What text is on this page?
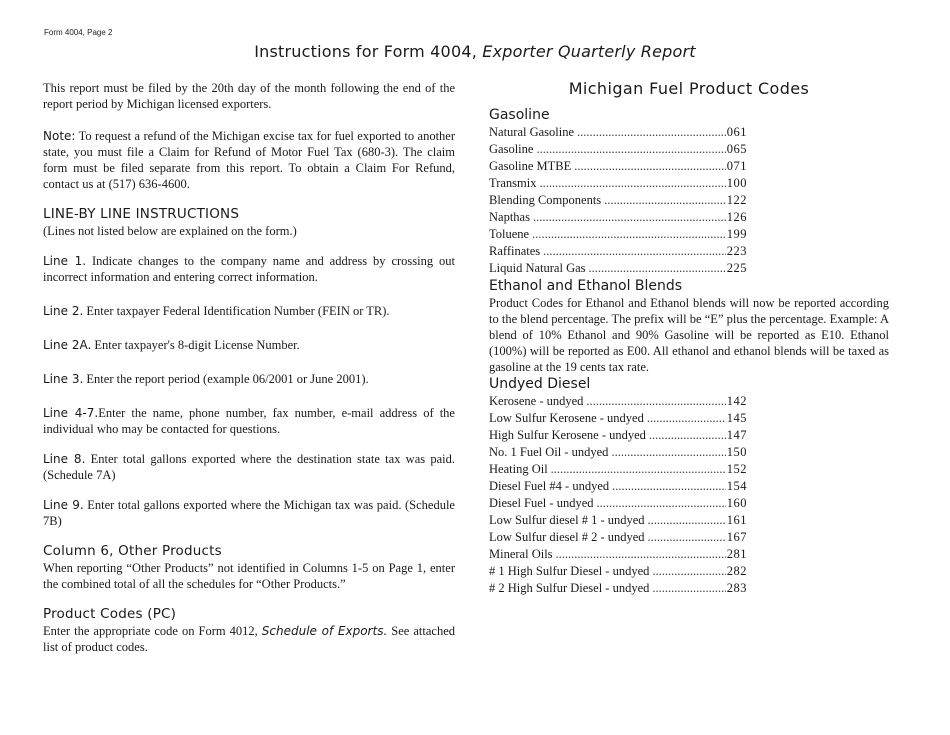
Form 4004, Page 2
Instructions for Form 4004, Exporter Quarterly Report

This report must be filed by the 20th day of the month following the end of the report period by Michigan licensed exporters.

Note: To request a refund of the Michigan excise tax for fuel exported to another state, you must file a Claim for Refund of Motor Fuel Tax (680-3). The claim form must be filed separate from this report. To obtain a Claim For Refund, contact us at (517) 636-4600.

LINE-BY LINE INSTRUCTIONS

(Lines not listed below are explained on the form.)

Line 1. Indicate changes to the company name and address by crossing out incorrect information and entering correct information.

Line 2. Enter taxpayer Federal Identification Number (FEIN or TR).

Line 2A. Enter taxpayer's 8-digit License Number.

Line 3. Enter the report period (example 06/2001 or June 2001).

Line 4-7.Enter the name, phone number, fax number, e-mail address of the individual who may be contacted for questions.

Line 8. Enter total gallons exported where the destination state tax was paid. (Schedule 7A)

Line 9. Enter total gallons exported where the Michigan tax was paid. (Schedule 7B)

Column 6, Other Products

When reporting “Other Products” not identified in Columns 1-5 on Page 1, enter the combined total of all the schedules for “Other Products.”

Product Codes (PC)

Enter the appropriate code on Form 4012, Schedule of Exports. See attached list of product codes.

Michigan Fuel Product Codes
Gasoline
Natural Gasoline .....	061
Gasoline .....	065
Gasoline MTBE .....	071
Transmix .....	100
Blending Components .....	122
Napthas .....	126
Toluene .....	199
Raffinates .....	223
Liquid Natural Gas .....	225
Ethanol and Ethanol Blends

Product Codes for Ethanol and Ethanol blends will now be reported according to the blend percentage. The prefix will be “E” plus the percentage. Example: A blend of 10% Ethanol and 90% Gasoline will be reported as E10. Ethanol (100%) will be reported as E00. All ethanol and ethanol blends will be taxed as gasoline at the 19 cents tax rate.

Undyed Diesel
Kerosene - undyed .....	142
Low Sulfur Kerosene - undyed .....	145
High Sulfur Kerosene - undyed .....	147
No. 1 Fuel Oil - undyed .....	150
Heating Oil .....	152
Diesel Fuel #4 - undyed .....	154
Diesel Fuel - undyed .....	160
Low Sulfur diesel # 1 - undyed .....	161
Low Sulfur diesel # 2 - undyed .....	167
Mineral Oils .....	281
# 1 High Sulfur Diesel - undyed .....	282
# 2 High Sulfur Diesel - undyed .....	283
